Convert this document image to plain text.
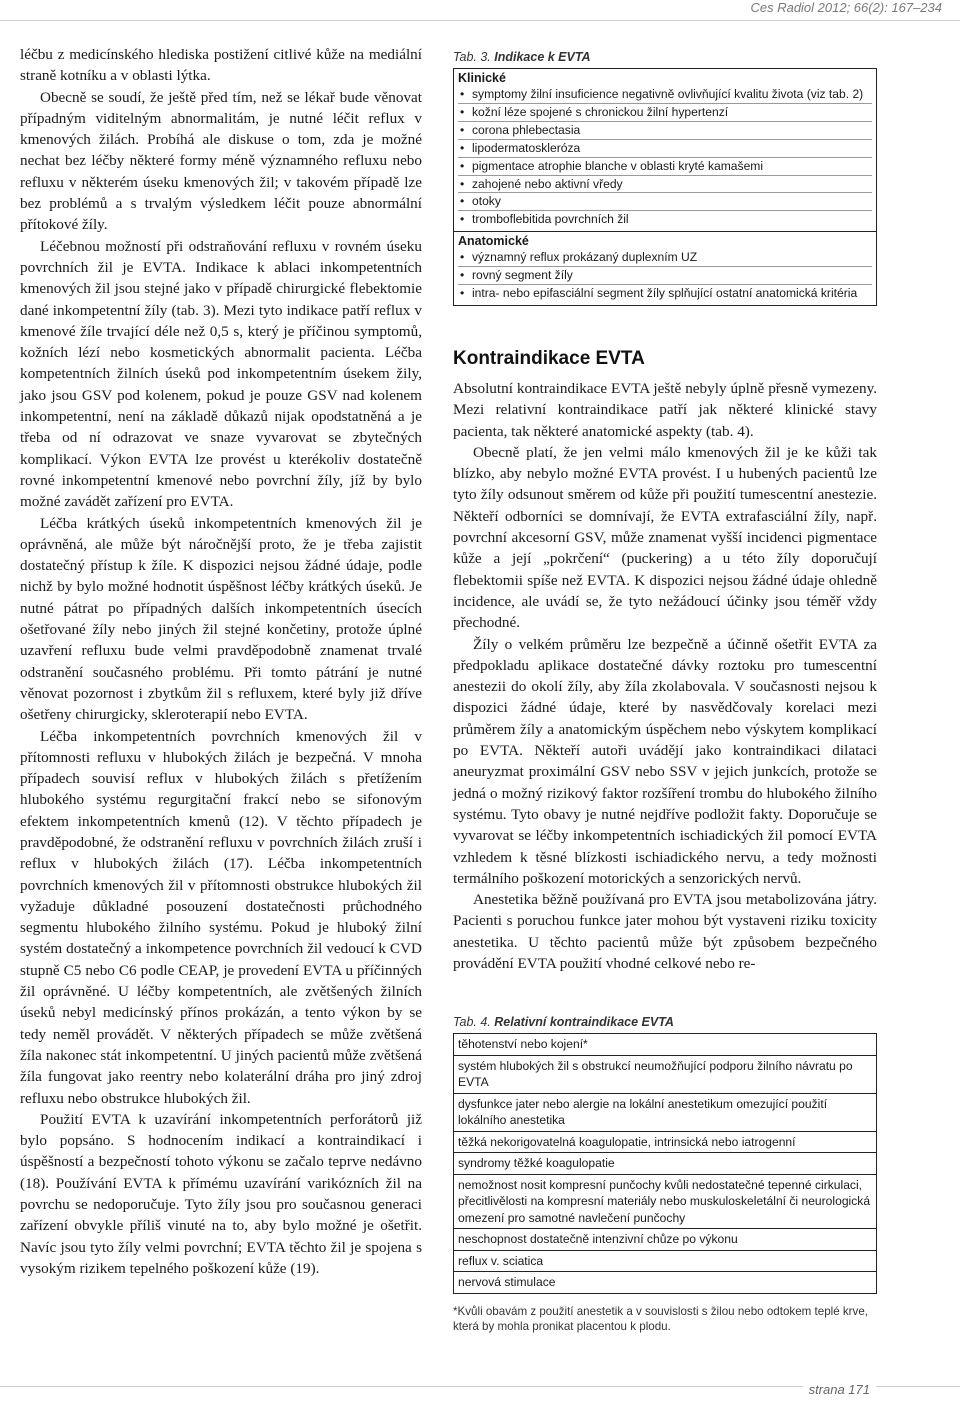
Ces Radiol 2012; 66(2): 167–234

léčbu z medicínského hlediska postižení citlivé kůže na mediální straně kotníku a v oblasti lýtka.

Obecně se soudí, že ještě před tím, než se lékař bude věnovat případným viditelným abnormalitám, je nutné léčit reflux v kmenových žilách. Probíhá ale diskuse o tom, zda je možné nechat bez léčby některé formy méně významného refluxu nebo refluxu v některém úseku kmenových žil; v takovém případě lze bez problémů a s trvalým výsledkem léčit pouze abnormální přítokové žíly.

Léčebnou možností při odstraňování refluxu v rovném úseku povrchních žil je EVTA. Indikace k ablaci inkompetentních kmenových žil jsou stejné jako v případě chirurgické flebektomie dané inkompetentní žíly (tab. 3). Mezi tyto indikace patří reflux v kmenové žíle trvající déle než 0,5 s, který je příčinou symptomů, kožních lézí nebo kosmetických abnormalit pacienta. Léčba kompetentních žilních úseků pod inkompetentním úsekem žily, jako jsou GSV pod kolenem, pokud je pouze GSV nad kolenem inkompetentní, není na základě důkazů nijak opodstatněná a je třeba od ní odrazovat ve snaze vyvarovat se zbytečných komplikací. Výkon EVTA lze provést u kterékoliv dostatečně rovné inkompetentní kmenové nebo povrchní žíly, jíž by bylo možné zavádět zařízení pro EVTA.

Léčba krátkých úseků inkompetentních kmenových žil je oprávněná, ale může být náročnější proto, že je třeba zajistit dostatečný přístup k žíle. K dispozici nejsou žádné údaje, podle nichž by bylo možné hodnotit úspěšnost léčby krátkých úseků. Je nutné pátrat po případných dalších inkompetentních úsecích ošetřované žíly nebo jiných žil stejné končetiny, protože úplné uzavření refluxu bude velmi pravděpodobně znamenat trvalé odstranění současného problému. Při tomto pátrání je nutné věnovat pozornost i zbytkům žil s refluxem, které byly již dříve ošetřeny chirurgicky, skleroterapií nebo EVTA.

Léčba inkompetentních povrchních kmenových žil v přítomnosti refluxu v hlubokých žilách je bezpečná. V mnoha případech souvisí reflux v hlubokých žilách s přetížením hlubokého systému regurgitační frakcí nebo se sifonovým efektem inkompetentních kmenů (12). V těchto případech je pravděpodobné, že odstranění refluxu v povrchních žilách zruší i reflux v hlubokých žilách (17). Léčba inkompetentních povrchních kmenových žil v přítomnosti obstrukce hlubokých žil vyžaduje důkladné posouzení dostatečnosti průchodného segmentu hlubokého žilního systému. Pokud je hluboký žilní systém dostatečný a inkompetence povrchních žil vedoucí k CVD stupně C5 nebo C6 podle CEAP, je provedení EVTA u příčinných žil oprávněné. U léčby kompetentních, ale zvětšených žilních úseků nebyl medicínský přínos prokázán, a tento výkon by se tedy neměl provádět. V některých případech se může zvětšená žíla nakonec stát inkompetentní. U jiných pacientů může zvětšená žíla fungovat jako reentry nebo kolaterální dráha pro jiný zdroj refluxu nebo obstrukce hlubokých žil.

Použití EVTA k uzavírání inkompetentních perforátorů již bylo popsáno. S hodnocením indikací a kontraindikací i úspěšností a bezpečností tohoto výkonu se začalo teprve nedávno (18). Používání EVTA k přímému uzavírání varikózních žil na povrchu se nedoporučuje. Tyto žíly jsou pro současnou generaci zařízení obvykle příliš vinuté na to, aby bylo možné je ošetřit. Navíc jsou tyto žíly velmi povrchní; EVTA těchto žil je spojena s vysokým rizikem tepelného poškození kůže (19).

Tab. 3. Indikace k EVTA
Klinické
• symptomy žilní insuficience negativně ovlivňující kvalitu života (viz tab. 2)
• kožní léze spojené s chronickou žilní hypertenzí
• corona phlebectasia
• lipodermatoskleróza
• pigmentace atrophie blanche v oblasti kryté kamašemi
• zahojené nebo aktivní vředy
• otoky
• tromboflebitida povrchních žil
Anatomické
• významný reflux prokázaný duplexním UZ
• rovný segment žíly
• intra- nebo epifasciální segment žíly splňující ostatní anatomická kritéria
Kontraindikace EVTA

Absolutní kontraindikace EVTA ještě nebyly úplně přesně vymezeny. Mezi relativní kontraindikace patří jak některé klinické stavy pacienta, tak některé anatomické aspekty (tab. 4).

Obecně platí, že jen velmi málo kmenových žil je ke kůži tak blízko, aby nebylo možné EVTA provést. I u hubených pacientů lze tyto žíly odsunout směrem od kůže při použití tumescentní anestezie. Někteří odborníci se domnívají, že EVTA extrafasciální žíly, např. povrchní akcesorní GSV, může znamenat vyšší incidenci pigmentace kůže a její „pokrčení“ (puckering) a u této žíly doporučují flebektomii spíše než EVTA. K dispozici nejsou žádné údaje ohledně incidence, ale uvádí se, že tyto nežádoucí účinky jsou téměř vždy přechodné.

Žíly o velkém průměru lze bezpečně a účinně ošetřit EVTA za předpokladu aplikace dostatečné dávky roztoku pro tumescentní anestezii do okolí žíly, aby žíla zkolabovala. V současnosti nejsou k dispozici žádné údaje, které by nasvědčovaly korelaci mezi průměrem žíly a anatomickým úspěchem nebo výskytem komplikací po EVTA. Někteří autoři uvádějí jako kontraindikaci dilataci aneuryzmat proximální GSV nebo SSV v jejich junkcích, protože se jedná o možný rizikový faktor rozšíření trombu do hlubokého žilního systému. Tyto obavy je nutné nejdříve podložit fakty. Doporučuje se vyvarovat se léčby inkompetentních ischiadických žil pomocí EVTA vzhledem k těsné blízkosti ischiadického nervu, a tedy možnosti termálního poškození motorických a senzorických nervů.

Anestetika běžně používaná pro EVTA jsou metabolizována játry. Pacienti s poruchou funkce jater mohou být vystaveni riziku toxicity anestetika. U těchto pacientů může být způsobem bezpečného provádění EVTA použití vhodné celkové nebo re-

Tab. 4. Relativní kontraindikace EVTA
těhotenství nebo kojení*
systém hlubokých žil s obstrukcí neumožňující podporu žilního návratu po EVTA
dysfunkce jater nebo alergie na lokální anestetikum omezující použití lokálního anestetika
těžká nekorigovatelná koagulopatie, intrinsická nebo iatrogenní
syndromy těžké koagulopatie
nemožnost nosit kompresní punčochy kvůli nedostatečné tepenné cirkulaci, přecitlivělosti na kompresní materiály nebo muskuloskeletální či neurologická omezení pro samotné navlečení punčochy
neschopnost dostatečně intenzivní chůze po výkonu
reflux v. sciatica
nervová stimulace
*Kvůli obavám z použití anestetik a v souvislosti s žilou nebo odtokem teplé krve, která by mohla pronikat placentou k plodu.
strana 171
